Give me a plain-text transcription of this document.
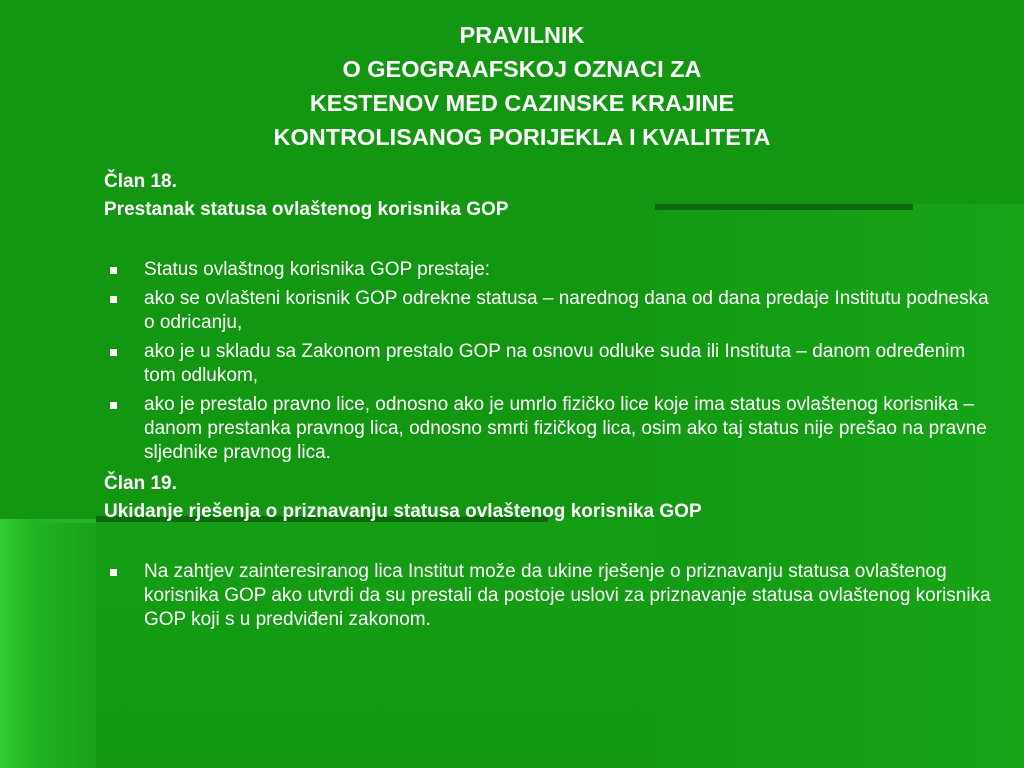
PRAVILNIK
O GEOGRAAFSKOJ OZNACI ZA
KESTENOV MED CAZINSKE KRAJINE
KONTROLISANOG PORIJEKLA I KVALITETA
Član 18.
Prestanak statusa ovlaštenog korisnika GOP
Status ovlaštnog korisnika GOP prestaje:
ako se ovlašteni korisnik GOP odrekne statusa – narednog dana od dana predaje Institutu podneska o odricanju,
ako je u skladu sa Zakonom prestalo GOP na osnovu odluke suda ili Instituta – danom određenim tom odlukom,
ako je prestalo pravno lice, odnosno ako je umrlo fizičko lice koje ima status ovlaštenog korisnika – danom prestanka pravnog lica, odnosno smrti fizičkog lica, osim ako taj status nije prešao na pravne sljednike pravnog lica.
Član 19.
Ukidanje rješenja o priznavanju statusa ovlaštenog korisnika GOP
Na zahtjev zainteresiranog lica Institut može da ukine rješenje o priznavanju statusa ovlaštenog korisnika GOP ako utvrdi da su prestali da postoje uslovi za priznavanje statusa ovlaštenog korisnika GOP koji s u predviđeni zakonom.
